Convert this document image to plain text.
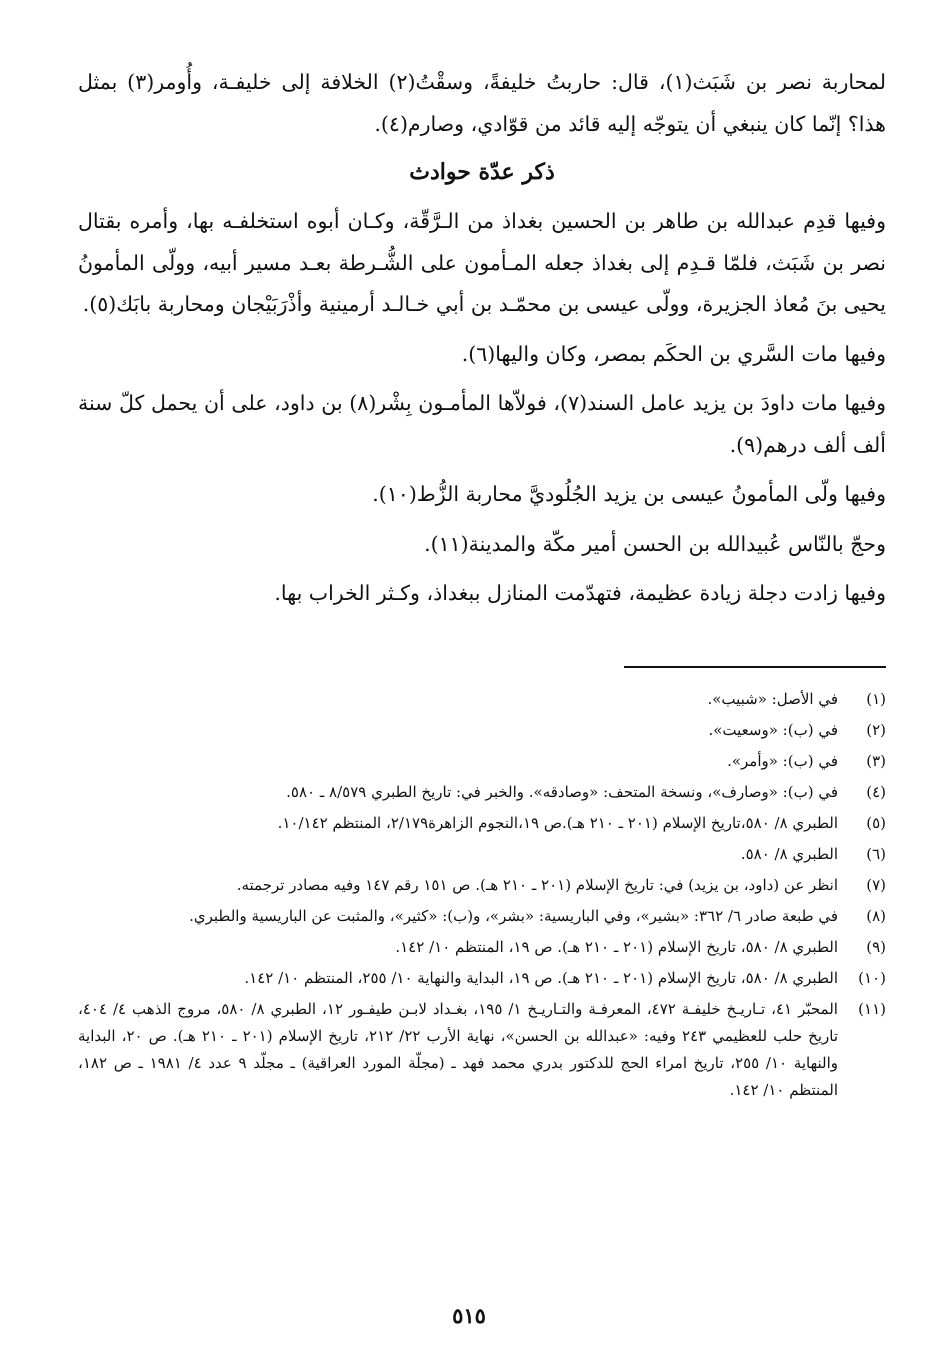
لمحاربة نصر بن شَبَث(١)، قال: حاربتُ خليفةً، وسقْتُ(٢) الخلافة إلى خليفـة، وأُومر(٣) بمثل هذا؟ إنّما كان ينبغي أن يتوجّه إليه قائد من قوّادي، وصارم(٤).

ذكر عدّة حوادث

وفيها قدِم عبدالله بن طاهر بن الحسين بغداذ من الـرَّقّة، وكـان أبوه استخلفـه بها، وأمره بقتال نصر بن شَبَث، فلمّا قـدِم إلى بغداذ جعله المـأمون على الشُّـرطة بعـد مسير أبيه، وولّى المأمونُ يحيى بنَ مُعاذ الجزيرة، وولّى عيسى بن محمّـد بن أبي خـالـد أرمينية وأذْرَبَيْجان ومحاربة بابَك(٥).

وفيها مات السَّري بن الحكَم بمصر، وكان واليها(٦).

وفيها مات داودَ بن يزيد عامل السند(٧)، فولاّها المأمـون بِشْر(٨) بن داود، على أن يحمل كلّ سنة ألف ألف درهم(٩).

وفيها ولّى المأمونُ عيسى بن يزيد الجُلُوديَّ محاربة الزُّط(١٠).

وحجّ بالنّاس عُبيدالله بن الحسن أمير مكّة والمدينة(١١).

وفيها زادت دجلة زيادة عظيمة، فتهدّمت المنازل ببغداذ، وكـثر الخراب بها.

(١)
في الأصل: «شبيب».
(٢)
في (ب): «وسعيت».
(٣)
في (ب): «وأمر».
(٤)
في (ب): «وصارف»، ونسخة المتحف: «وصادقه». والخبر في: تاريخ الطبري ٨/٥٧٩ ـ ٥٨٠.
(٥)
الطبري ٨/ ٥٨٠،تاريخ الإسلام (٢٠١ ـ ٢١٠ هـ).ص ١٩،النجوم الزاهرة٢/١٧٩، المنتظم ١٠/١٤٢.
(٦)
الطبري ٨/ ٥٨٠.
(٧)
انظر عن (داود، بن يزيد) في: تاريخ الإسلام (٢٠١ ـ ٢١٠ هـ). ص ١٥١ رقم ١٤٧ وفيه مصادر ترجمته.
(٨)
في طبعة صادر ٦/ ٣٦٢: «بشير»، وفي الباريسية: «بشر»، و(ب): «كثير»، والمثبت عن الباريسية والطبري.
(٩)
الطبري ٨/ ٥٨٠، تاريخ الإسلام (٢٠١ ـ ٢١٠ هـ). ص ١٩، المنتظم ١٠/ ١٤٢.
(١٠)
الطبري ٨/ ٥٨٠، تاريخ الإسلام (٢٠١ ـ ٢١٠ هـ). ص ١٩، البداية والنهاية ١٠/ ٢٥٥، المنتظم ١٠/ ١٤٢.
(١١)
المحبّر ٤١، تـاريـخ خليفـة ٤٧٢، المعرفـة والتـاريـخ ١/ ١٩٥، بغـداد لابـن طيفـور ١٢، الطبري ٨/ ٥٨٠، مروج الذهب ٤/ ٤٠٤، تاريخ حلب للعظيمي ٢٤٣ وفيه: «عبدالله بن الحسن»، نهاية الأرب ٢٢/ ٢١٢، تاريخ الإسلام (٢٠١ ـ ٢١٠ هـ). ص ٢٠، البداية والنهاية ١٠/ ٢٥٥، تاريخ امراء الحج للدكتور بدري محمد فهد ـ (مجلّة المورد العراقية) ـ مجلّد ٩ عدد ٤/ ١٩٨١ ـ ص ١٨٢، المنتظم ١٠/ ١٤٢.
٥١٥
